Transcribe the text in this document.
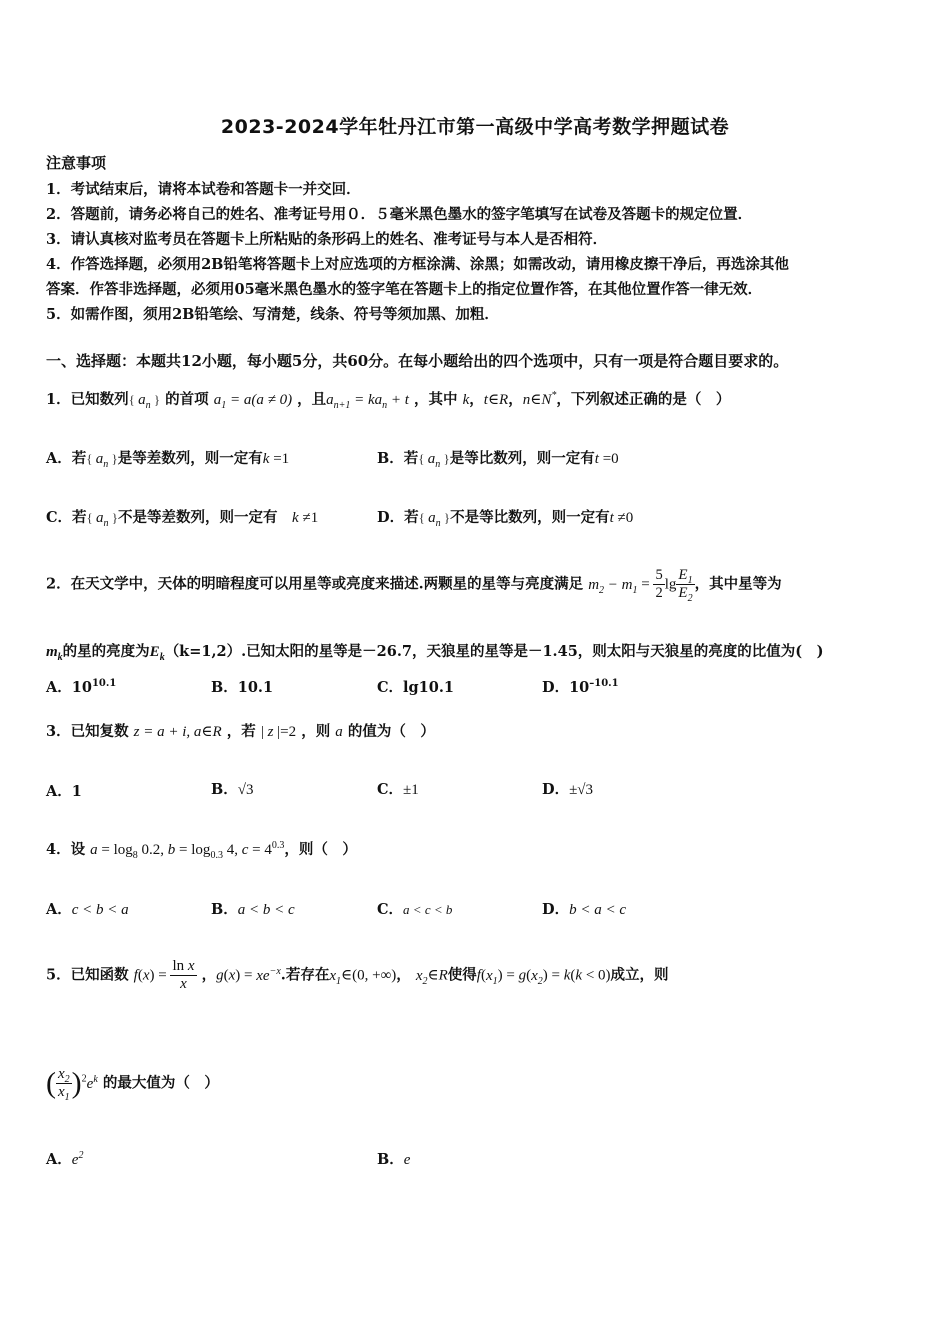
2023-2024学年牡丹江市第一高级中学高考数学押题试卷
注意事项
1．考试结束后，请将本试卷和答题卡一并交回．
2．答题前，请务必将自己的姓名、准考证号用０．５毫米黑色墨水的签字笔填写在试卷及答题卡的规定位置．
3．请认真核对监考员在答题卡上所粘贴的条形码上的姓名、准考证号与本人是否相符．
4．作答选择题，必须用2B铅笔将答题卡上对应选项的方框涂满、涂黑；如需改动，请用橡皮擦干净后，再选涂其他
答案．作答非选择题，必须用05毫米黑色墨水的签字笔在答题卡上的指定位置作答，在其他位置作答一律无效．
5．如需作图，须用2B铅笔绘、写清楚，线条、符号等须加黑、加粗．
一、选择题：本题共12小题，每小题5分，共60分。在每小题给出的四个选项中，只有一项是符合题目要求的。
1．已知数列{ $a_n$ } 的首项 $a_1 = a(a \ne 0)$ ，且$a_{n+1} = ka_n + t$ ，其中 k，t∈R，n∈N*，下列叙述正确的是（　）
A．若{ $a_n$ }是等差数列，则一定有k =1	B．若{ $a_n$ }是等比数列，则一定有t =0
C．若{ $a_n$ }不是等差数列，则一定有　 k ≠1	D．若{ $a_n$ }不是等比数列，则一定有t ≠0
2．在天文学中，天体的明暗程度可以用星等或亮度来描述.两颗星的星等与亮度满足 $m_2 - m_1 = \frac{5}{2}$ $\lg \frac{E_1}{E_2}$ ，其中星等为
$m_k$的星的亮度为$E_k(k=1,2)$.已知太阳的星等是－26.7，天狼星的星等是－1.45，则太阳与天狼星的亮度的比值为(　)
A．$10^{10.1}$	B．10.1	C．lg10.1	D．$10^{-10.1}$
3．已知复数 z = a + i, a∈R ，若 | z |=2 ，则 a 的值为（　）
A．1	B．√3	C．±1	D．±√3
4．设 $a = \log_8 0.2$, $b = \log_{0.3} 4$, $c = 4^{0.3}$，则（　）
A．c < b < a	B．a < b < c	C．a < c < b	D．b < a < c
5．已知函数 $f(x) = \frac{\text{ln x}}{x}$ ，$g(x) = xe^{-x}$.若存在$x_1\in(0$, +∞)， $x_2\in R$使得$f(x_1) = g(x_2) = k(k < 0)$成立，则
( $\frac{x_2}{x_1} )^2e^k$ 的最大值为（　）
A．$e^2$	B．e
